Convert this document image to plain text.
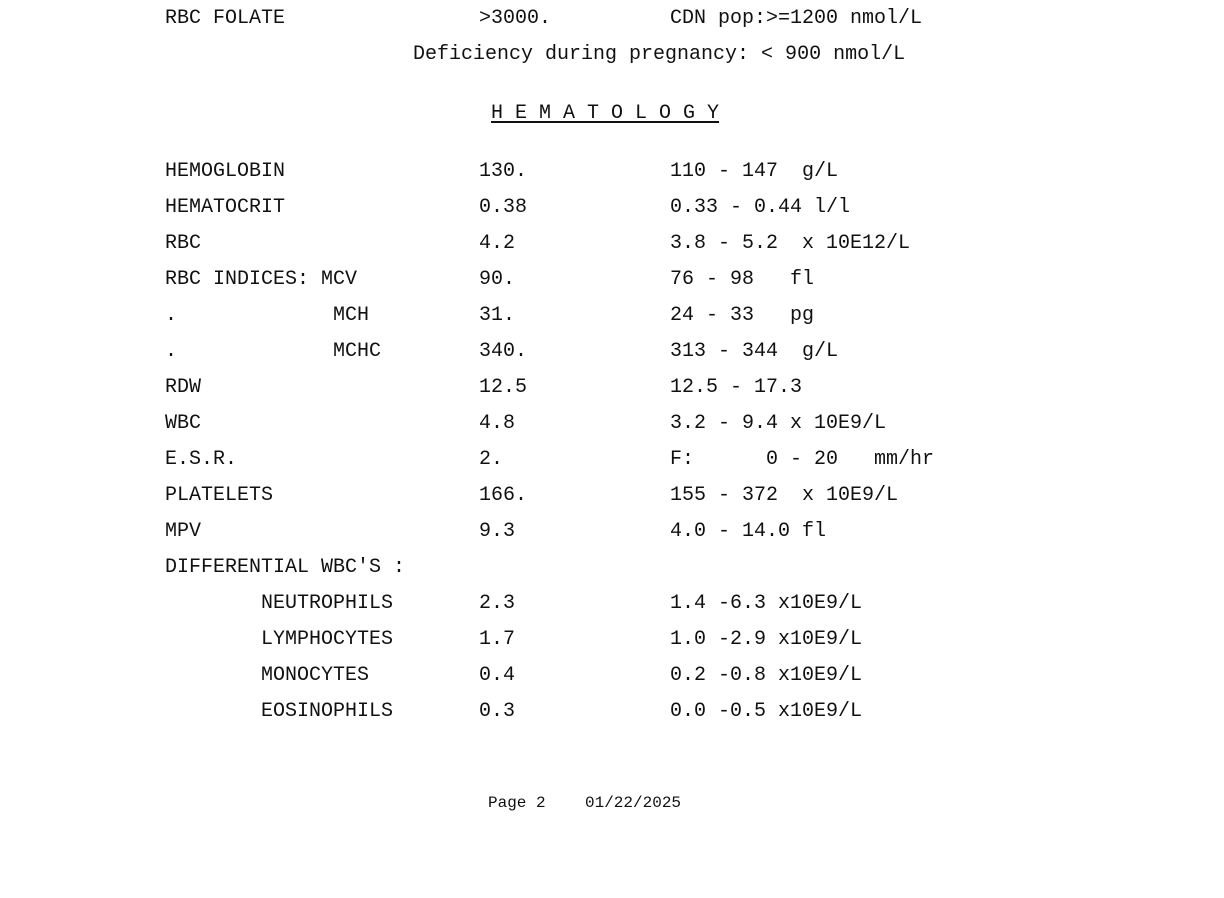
RBC FOLATE	>3000.	CDN pop:>=1200 nmol/L
Deficiency during pregnancy: < 900 nmol/L
H E M A T O L O G Y
HEMOGLOBIN	130.	110 - 147  g/L
HEMATOCRIT	0.38	0.33 - 0.44 l/l
RBC	4.2	3.8 - 5.2  x 10E12/L
RBC INDICES: MCV	90.	76 - 98   fl
.             MCH	31.	24 - 33   pg
.             MCHC	340.	313 - 344  g/L
RDW	12.5	12.5 - 17.3
WBC	4.8	3.2 - 9.4 x 10E9/L
E.S.R.	2.	F:      0 - 20   mm/hr
PLATELETS	166.	155 - 372  x 10E9/L
MPV	9.3	4.0 - 14.0 fl
DIFFERENTIAL WBC'S :
NEUTROPHILS	2.3	1.4 -6.3 x10E9/L
LYMPHOCYTES	1.7	1.0 -2.9 x10E9/L
MONOCYTES	0.4	0.2 -0.8 x10E9/L
EOSINOPHILS	0.3	0.0 -0.5 x10E9/L
Page 2 01/22/2025
